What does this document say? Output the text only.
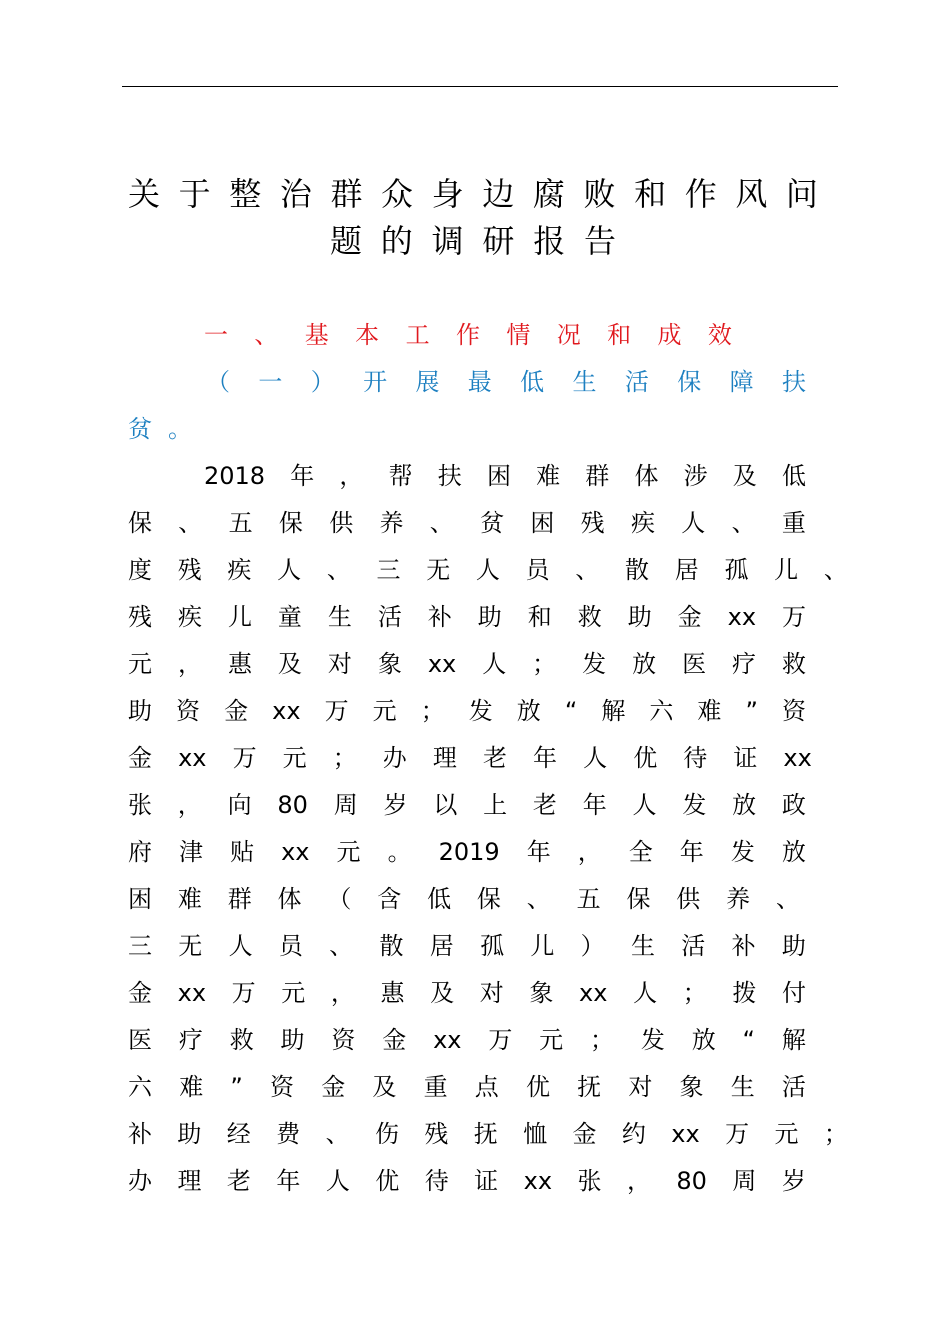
关 于 整 治 群 众 身 边 腐 败 和 作 风 问
题 的 调 研 报 告
一 、 基 本 工 作 情 况 和 成 效
（ 一 ） 开 展 最 低 生 活 保 障 扶
贫 。
2018 年 ， 帮 扶 困 难 群 体 涉 及 低
保 、 五 保 供 养 、 贫 困 残 疾 人 、 重
度 残 疾 人 、 三 无 人 员 、 散 居 孤 儿 、
残 疾 儿 童 生 活 补 助 和 救 助 金 xx 万
元 ， 惠 及 对 象 xx 人 ； 发 放 医 疗 救
助 资 金 xx 万 元 ； 发 放 “ 解 六 难 ” 资
金 xx 万 元 ； 办 理 老 年 人 优 待 证 xx
张 ， 向 80 周 岁 以 上 老 年 人 发 放 政
府 津 贴 xx 元 。 2019 年 ， 全 年 发 放
困 难 群 体 （ 含 低 保 、 五 保 供 养 、
三 无 人 员 、 散 居 孤 儿 ） 生 活 补 助
金 xx 万 元 ， 惠 及 对 象 xx 人 ； 拨 付
医 疗 救 助 资 金 xx 万 元 ； 发 放 “ 解
六 难 ” 资 金 及 重 点 优 抚 对 象 生 活
补 助 经 费 、 伤 残 抚 恤 金 约 xx 万 元 ；
办 理 老 年 人 优 待 证 xx 张 ， 80 周 岁
